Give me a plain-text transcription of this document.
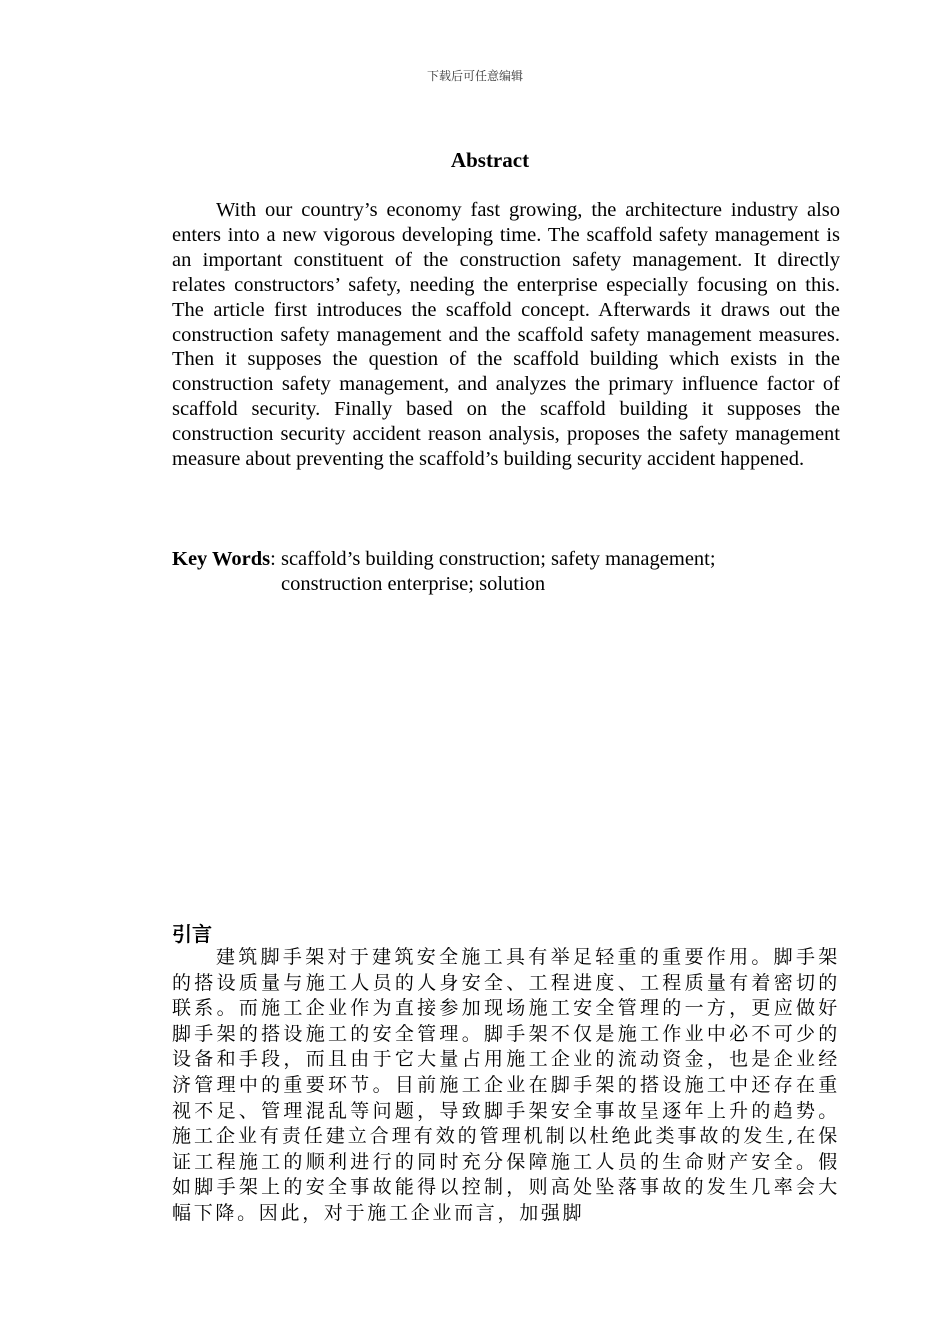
下载后可任意编辑
Abstract

With our country’s economy fast growing, the architecture industry also enters into a new vigorous developing time. The scaffold safety management is an important constituent of the construction safety management. It directly relates constructors’ safety, needing the enterprise especially focusing on this. The article first introduces the scaffold concept. Afterwards it draws out the construction safety management and the scaffold safety management measures. Then it supposes the question of the scaffold building which exists in the construction safety management, and analyzes the primary influence factor of scaffold security. Finally based on the scaffold building it supposes the construction security accident reason analysis, proposes the safety management measure about preventing the scaffold’s building security accident happened.

Key Words : scaffold’s building construction; safety management;
construction enterprise; solution
引言

建筑脚手架对于建筑安全施工具有举足轻重的重要作用。脚手架的搭设质量与施工人员的人身安全、工程进度、工程质量有着密切的联系。而施工企业作为直接参加现场施工安全管理的一方，更应做好脚手架的搭设施工的安全管理。脚手架不仅是施工作业中必不可少的设备和手段，而且由于它大量占用施工企业的流动资金，也是企业经济管理中的重要环节。目前施工企业在脚手架的搭设施工中还存在重视不足、管理混乱等问题，导致脚手架安全事故呈逐年上升的趋势。施工企业有责任建立合理有效的管理机制以杜绝此类事故的发生,在保证工程施工的顺利进行的同时充分保障施工人员的生命财产安全。假如脚手架上的安全事故能得以控制，则高处坠落事故的发生几率会大幅下降。因此，对于施工企业而言，加强脚
